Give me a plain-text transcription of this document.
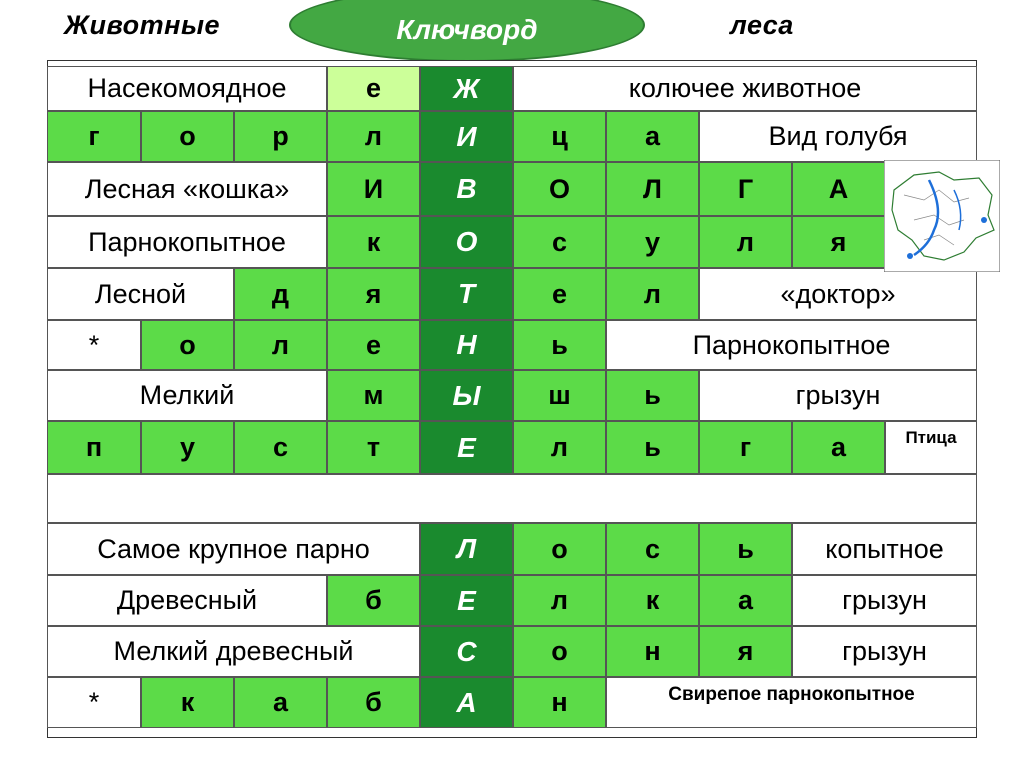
Животные	Ключворд	леса
Насекомоядное	е	Ж	колючее животное
г	о	р	л	И	ц	а	Вид голубя
Лесная «кошка»	И	В	О	Л	Г	А
Парнокопытное	к	О	с	у	л	я
Лесной	д	я	Т	е	л	«доктор»
*	о	л	е	Н	ь	Парнокопытное
Мелкий	м	Ы	ш	ь	грызун
п	у	с	т	Е	л	ь	г	а	Птица
Самое крупное парно	Л	о	с	ь	копытное
Древесный	б	Е	л	к	а	грызун
Мелкий древесный	С	о	н	я	грызун
*	к	а	б	А	н	Свирепое парнокопытное
